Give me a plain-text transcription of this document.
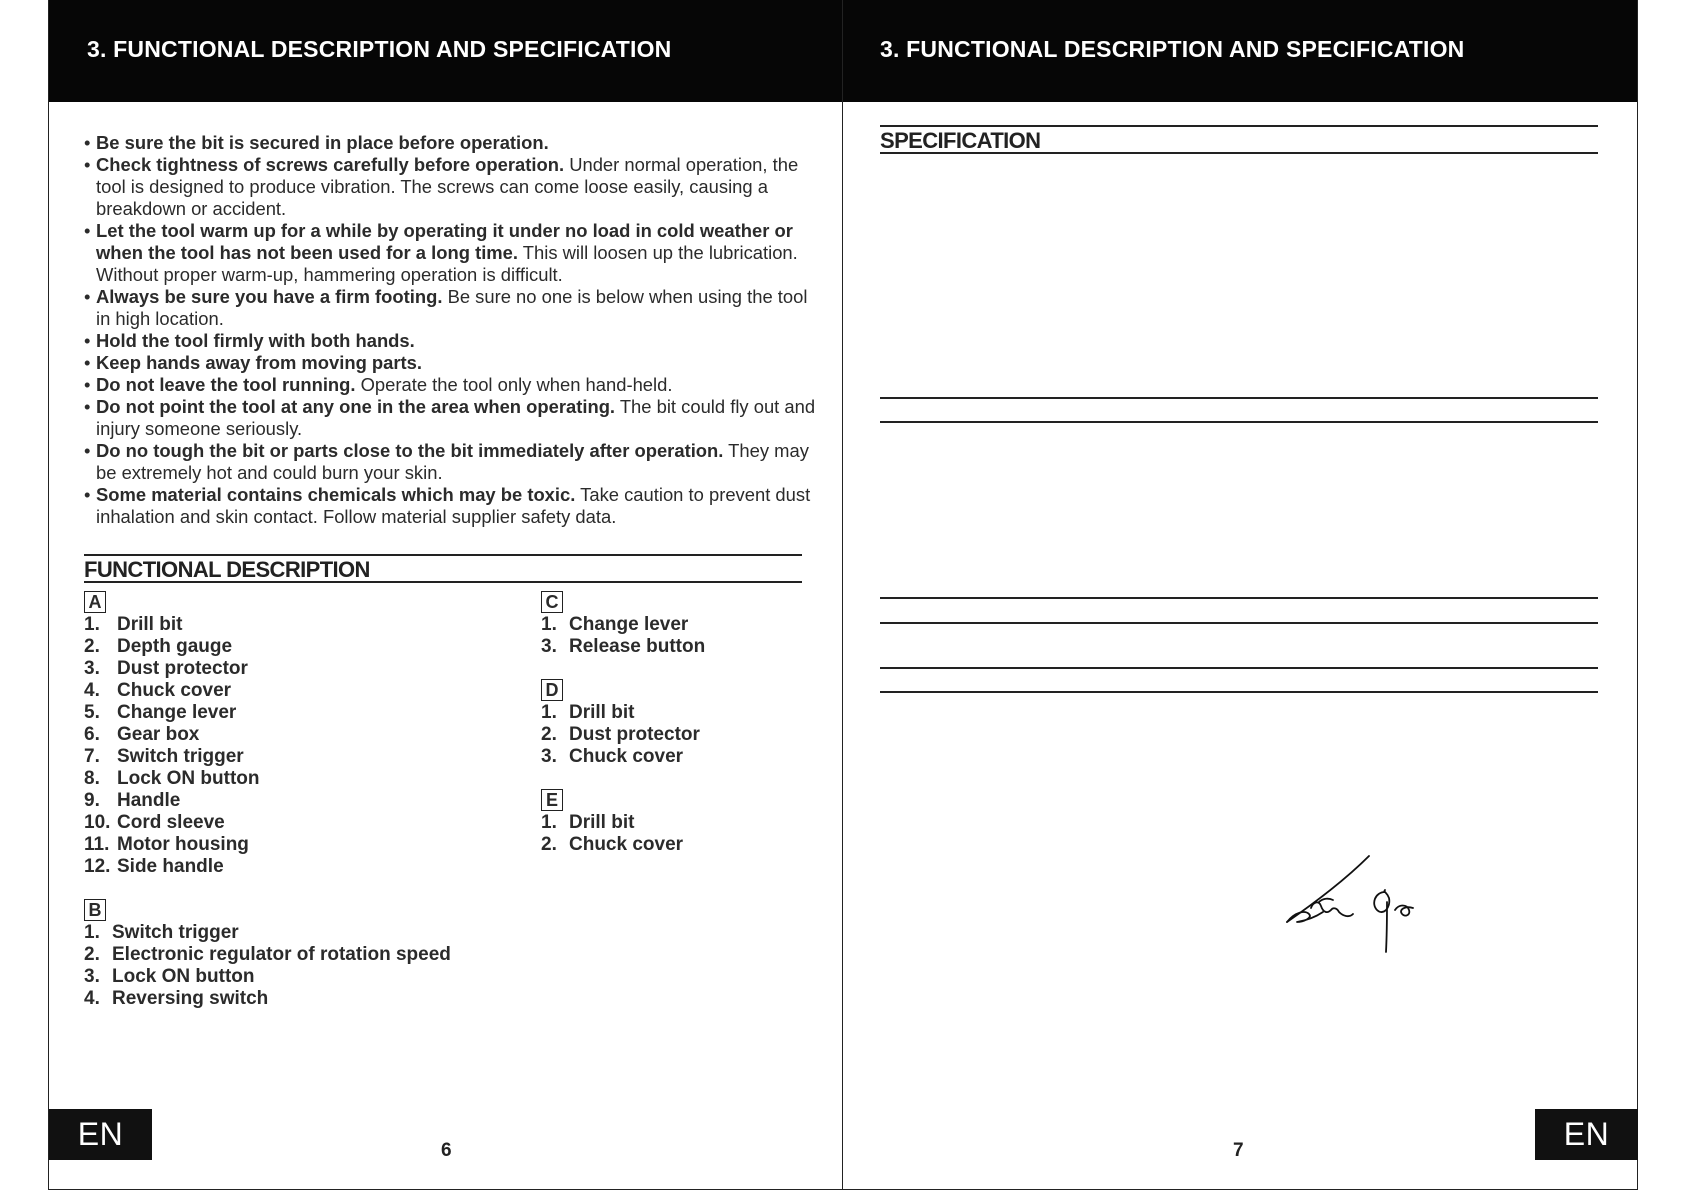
3. FUNCTIONAL DESCRIPTION AND SPECIFICATION
• Be sure the bit is secured in place before operation.
• Check tightness of screws carefully before operation. Under normal operation, the tool is designed to produce vibration. The screws can come loose easily, causing a breakdown or accident.
• Let the tool warm up for a while by operating it under no load in cold weather or when the tool has not been used for a long time. This will loosen up the lubrication. Without proper warm-up, hammering operation is difficult.
• Always be sure you have a firm footing. Be sure no one is below when using the tool in high location.
• Hold the tool firmly with both hands.
• Keep hands away from moving parts.
• Do not leave the tool running. Operate the tool only when hand-held.
• Do not point the tool at any one in the area when operating. The bit could fly out and injury someone seriously.
• Do no tough the bit or parts close to the bit immediately after operation. They may be extremely hot and could burn your skin.
• Some material contains chemicals which may be toxic. Take caution to prevent dust inhalation and skin contact. Follow material supplier safety data.
FUNCTIONAL DESCRIPTION
A
1. Drill bit
2. Depth gauge
3. Dust protector
4. Chuck cover
5. Change lever
6. Gear box
7. Switch trigger
8. Lock ON button
9. Handle
10. Cord sleeve
11. Motor housing
12. Side handle
B
1. Switch trigger
2. Electronic regulator of rotation speed
3. Lock ON button
4. Reversing switch
C
1. Change lever
3. Release button
D
1. Drill bit
2. Dust protector
3. Chuck cover
E
1. Drill bit
2. Chuck cover
EN	6
3. FUNCTIONAL DESCRIPTION AND SPECIFICATION
SPECIFICATION
EN
7
